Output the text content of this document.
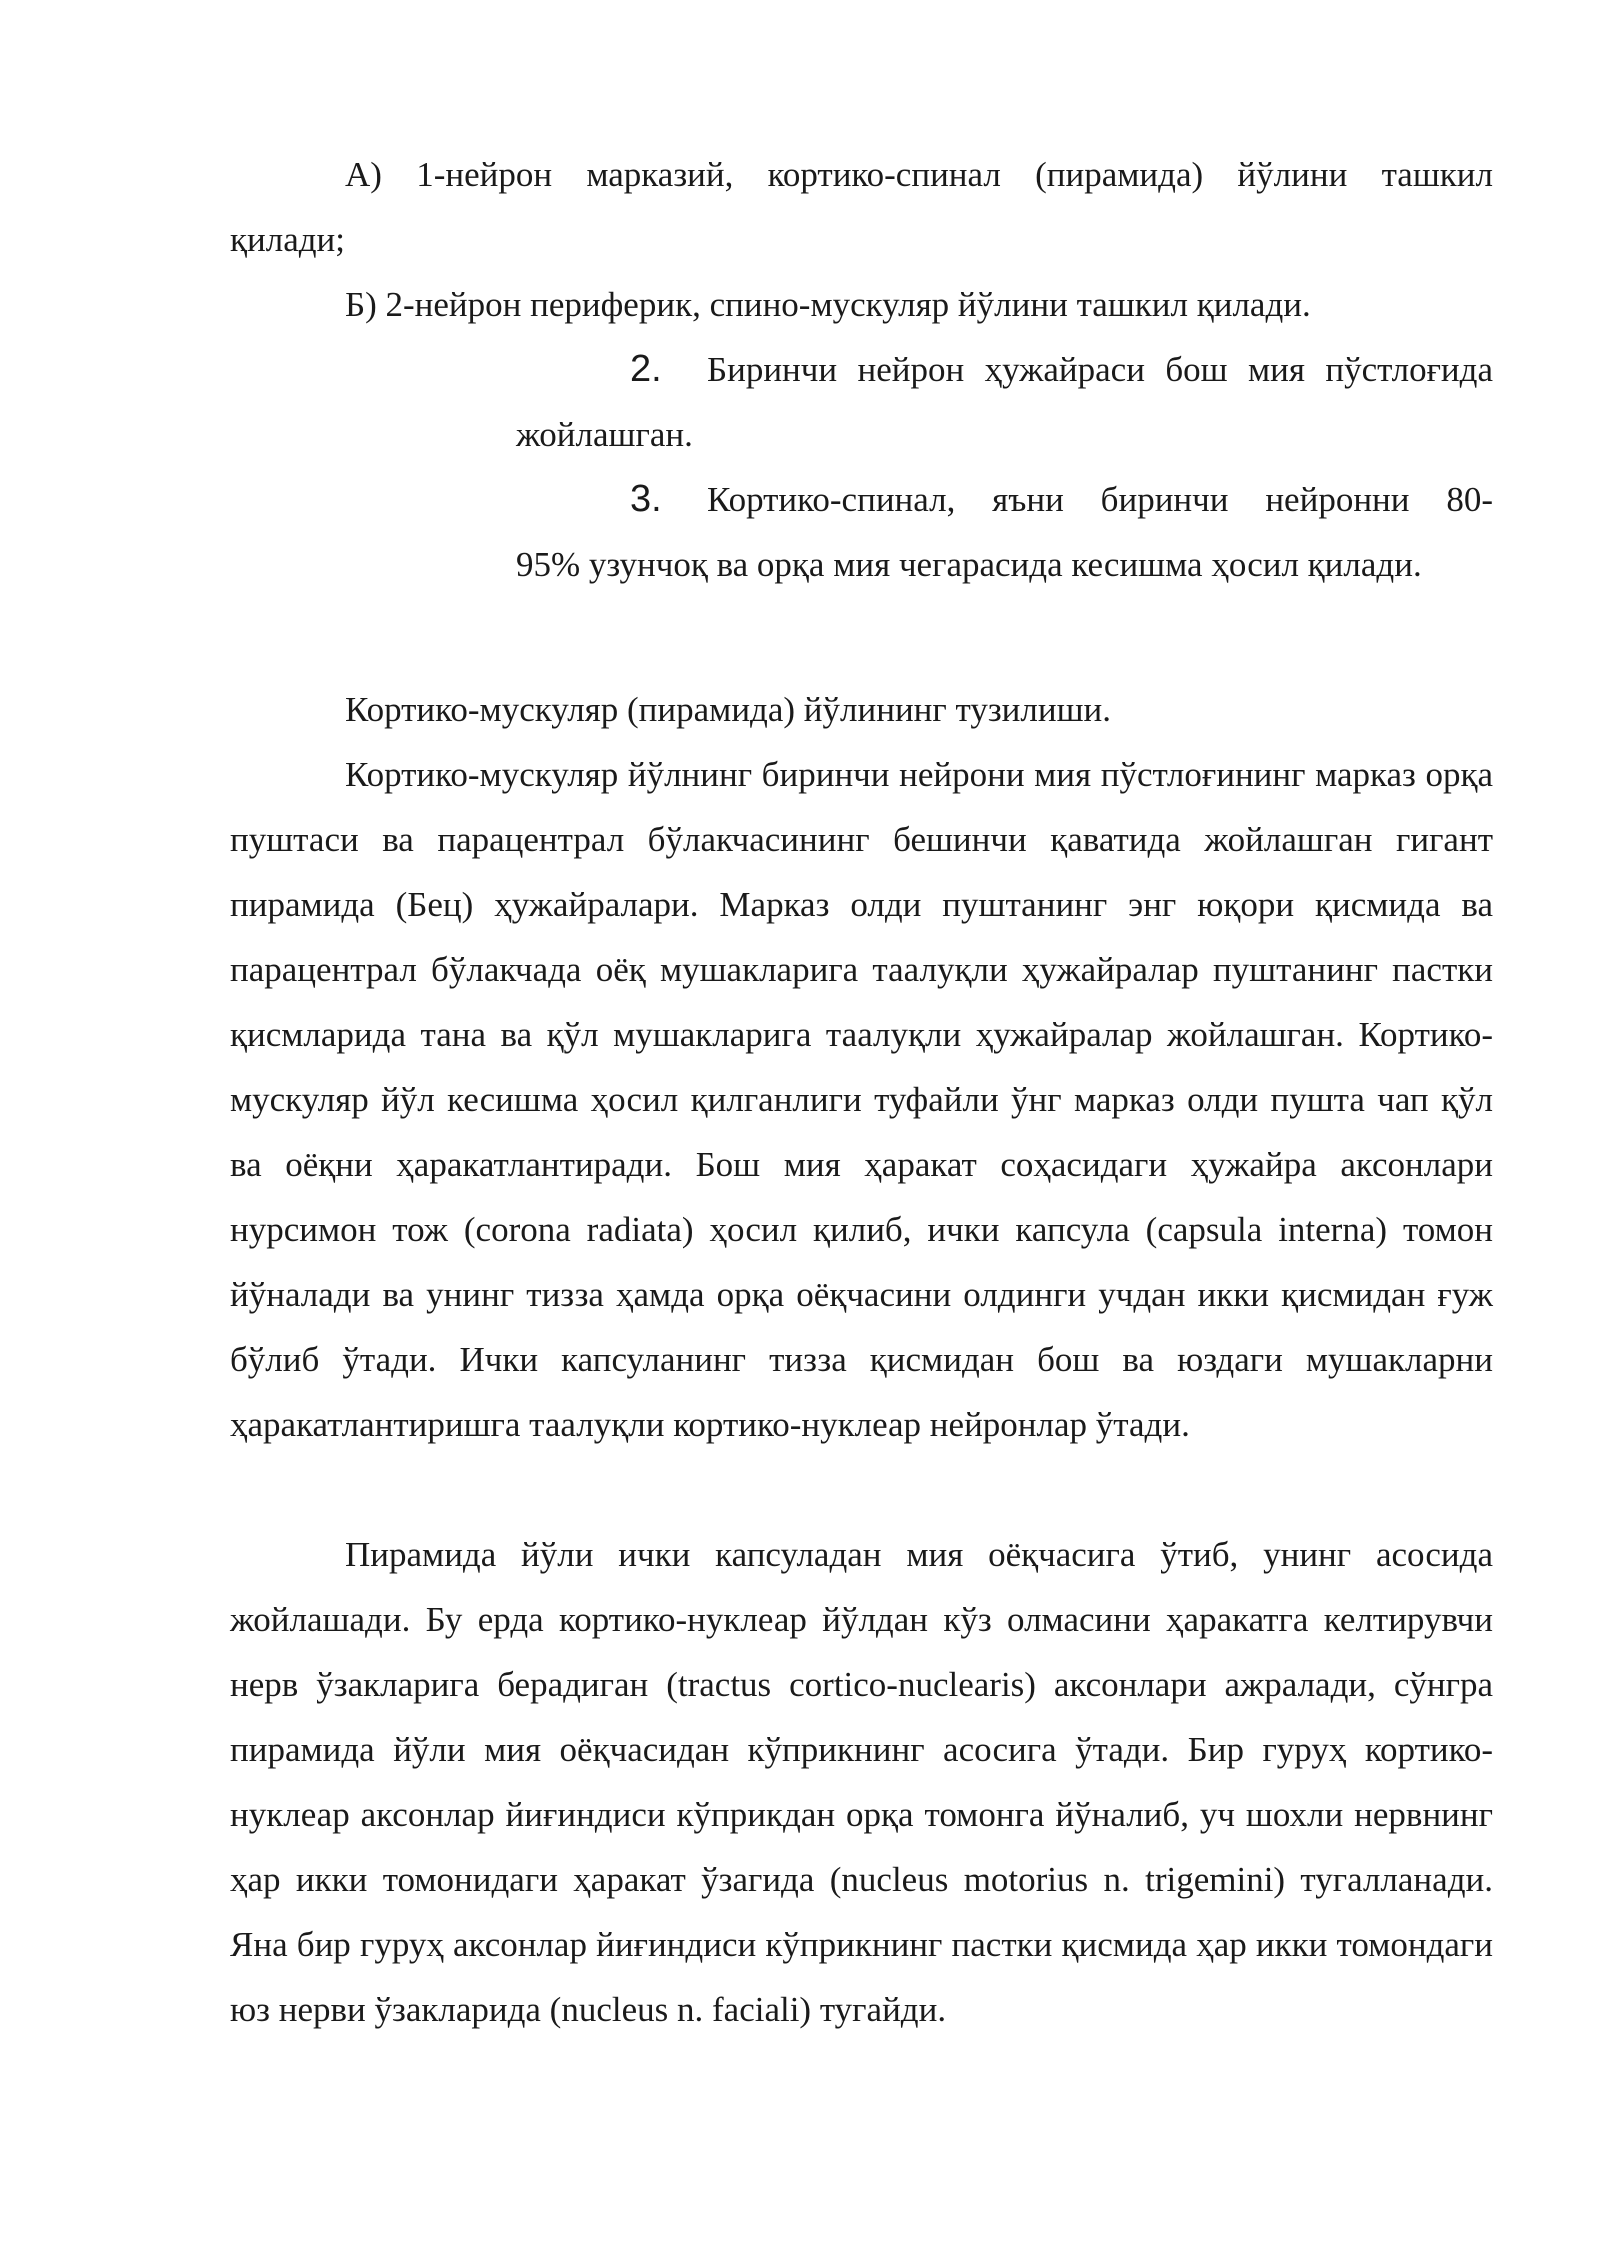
А) 1-нейрон марказий, кортико-спинал (пирамида) йўлини ташкил

қилади;

Б) 2-нейрон периферик, спино-мускуляр йўлини ташкил қилади.

2.	Биринчи нейрон ҳужайраси бош мия пўстлоғида
жойлашган.
3.	Кортико-спинал, яъни биринчи нейронни 80-
95% узунчоқ ва орқа мия чегарасида кесишма ҳосил қилади.

Кортико-мускуляр (пирамида) йўлининг тузилиши.

Кортико-мускуляр йўлнинг биринчи нейрони мия пўстлоғининг марказ орқа пуштаси ва парацентрал бўлакчасининг бешинчи қаватида жойлашган гигант пирамида (Бец) ҳужайралари. Марказ олди пуштанинг энг юқори қисмида ва парацентрал бўлакчада оёқ мушакларига таалуқли ҳужайралар пуштанинг пастки қисмларида тана ва қўл мушакларига таалуқли ҳужайралар жойлашган. Кортико-мускуляр йўл кесишма ҳосил қилганлиги туфайли ўнг марказ олди пушта чап қўл ва оёқни ҳаракатлантиради. Бош мия ҳаракат соҳасидаги ҳужайра аксонлари нурсимон тож (corona radiata) ҳосил қилиб, ички капсула (capsula interna) томон йўналади ва унинг тизза ҳамда орқа оёқчасини олдинги учдан икки қисмидан ғуж бўлиб ўтади. Ички капсуланинг тизза қисмидан бош ва юздаги мушакларни ҳаракатлантиришга таалуқли кортико-нуклеар нейронлар ўтади.

Пирамида йўли ички капсуладан мия оёқчасига ўтиб, унинг асосида жойлашади. Бу ерда кортико-нуклеар йўлдан кўз олмасини ҳаракатга келтирувчи нерв ўзакларига берадиган (tractus cortico-nuclearis) аксонлари ажралади, сўнгра пирамида йўли мия оёқчасидан кўприкнинг асосига ўтади. Бир гуруҳ кортико-нуклеар аксонлар йиғиндиси кўприкдан орқа томонга йўналиб, уч шохли нервнинг ҳар икки томонидаги ҳаракат ўзагида (nucleus motorius n. trigemini) тугалланади. Яна бир гуруҳ аксонлар йиғиндиси кўприкнинг пастки қисмида ҳар икки томондаги юз нерви ўзакларида (nucleus n. faciali) тугайди.
